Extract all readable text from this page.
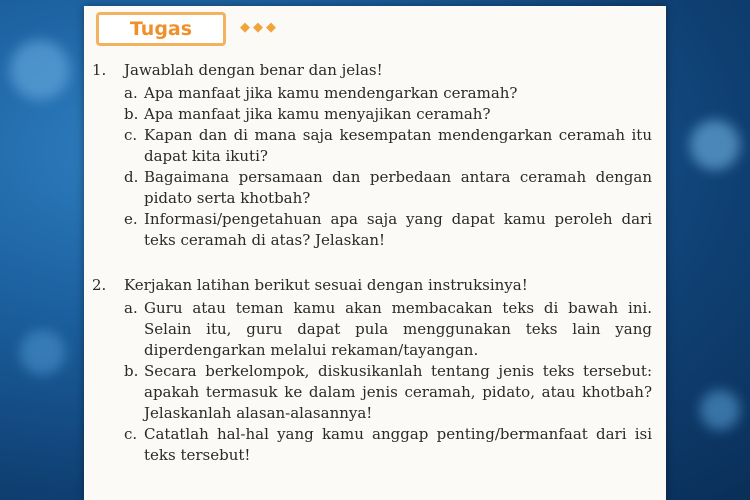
Tugas	◆◆◆
1.	Jawablah dengan benar dan jelas!
a. Apa manfaat jika kamu mendengarkan ceramah?
b. Apa manfaat jika kamu menyajikan ceramah?
c. Kapan dan di mana saja kesempatan mendengarkan ceramah itu dapat kita ikuti?
d. Bagaimana persamaan dan perbedaan antara ceramah dengan pidato serta khotbah?
e. Informasi/pengetahuan apa saja yang dapat kamu peroleh dari teks ceramah di atas? Jelaskan!
2.	Kerjakan latihan berikut sesuai dengan instruksinya!
a. Guru atau teman kamu akan membacakan teks di bawah ini. Selain itu, guru dapat pula menggunakan teks lain yang diperdengarkan melalui rekaman/tayangan.
b. Secara berkelompok, diskusikanlah tentang jenis teks tersebut: apakah termasuk ke dalam jenis ceramah, pidato, atau khotbah? Jelaskanlah alasan-alasannya!
c. Catatlah hal-hal yang kamu anggap penting/bermanfaat dari isi teks tersebut!
